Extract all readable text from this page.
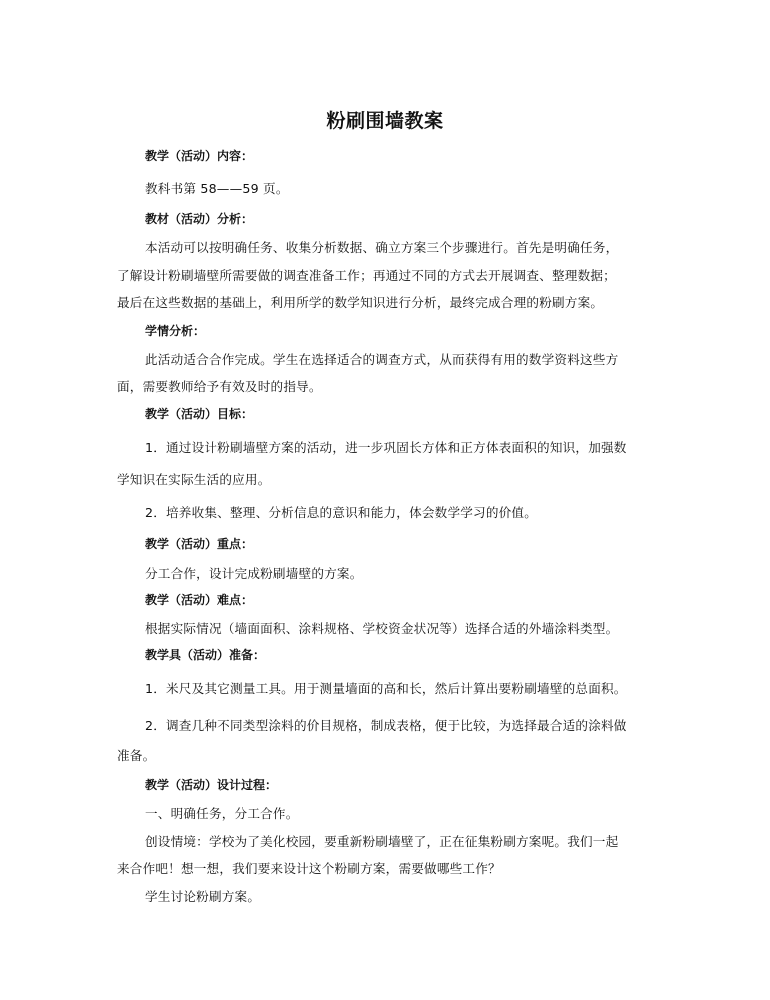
粉刷围墙教案
教学（活动）内容：
教科书第 58——59 页。
教材（活动）分析：
本活动可以按明确任务、收集分析数据、确立方案三个步骤进行。首先是明确任务，
了解设计粉刷墙壁所需要做的调查准备工作；再通过不同的方式去开展调查、整理数据；
最后在这些数据的基础上，利用所学的数学知识进行分析，最终完成合理的粉刷方案。
学情分析：
此活动适合合作完成。学生在选择适合的调查方式，从而获得有用的数学资料这些方
面，需要教师给予有效及时的指导。
教学（活动）目标：
1．通过设计粉刷墙壁方案的活动，进一步巩固长方体和正方体表面积的知识，加强数
学知识在实际生活的应用。
2．培养收集、整理、分析信息的意识和能力，体会数学学习的价值。
教学（活动）重点：
分工合作，设计完成粉刷墙壁的方案。
教学（活动）难点：
根据实际情况（墙面面积、涂料规格、学校资金状况等）选择合适的外墙涂料类型。
教学具（活动）准备：
1．米尺及其它测量工具。用于测量墙面的高和长，然后计算出要粉刷墙壁的总面积。
2．调查几种不同类型涂料的价目规格，制成表格，便于比较，为选择最合适的涂料做
准备。
教学（活动）设计过程：
一、明确任务，分工合作。
创设情境：学校为了美化校园，要重新粉刷墙壁了，正在征集粉刷方案呢。我们一起
来合作吧！想一想，我们要来设计这个粉刷方案，需要做哪些工作？
学生讨论粉刷方案。
